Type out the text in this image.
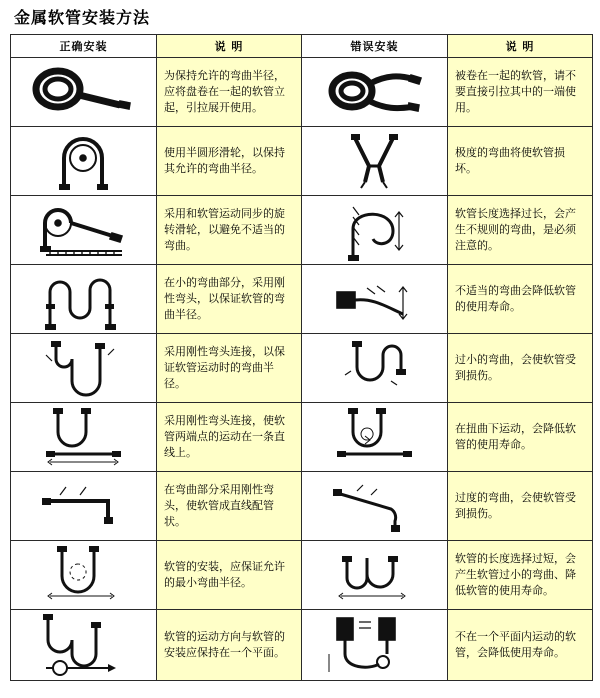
金属软管安装方法
正确安装	说 明	错误安装	说 明

为保持允许的弯曲半径，应将盘卷在一起的软管立起，引拉展开使用。		被卷在一起的软管，请不要直接引拉其中的一端使用。

使用半圆形滑轮，以保持其允许的弯曲半径。		极度的弯曲将使软管损坏。

采用和软管运动同步的旋转滑轮，以避免不适当的弯曲。		软管长度选择过长，会产生不规则的弯曲，是必须注意的。

在小的弯曲部分，采用刚性弯头，以保证软管的弯曲半径。		不适当的弯曲会降低软管的使用寿命。

采用刚性弯头连接，以保证软管运动时的弯曲半径。		过小的弯曲，会使软管受到损伤。

采用刚性弯头连接，使软管两端点的运动在一条直线上。		在扭曲下运动，会降低软管的使用寿命。

在弯曲部分采用刚性弯头，使软管成直线配管状。		过度的弯曲，会使软管受到损伤。

软管的安装，应保证允许的最小弯曲半径。		软管的长度选择过短，会产生软管过小的弯曲、降低软管的使用寿命。

软管的运动方向与软管的安装应保持在一个平面。		不在一个平面内运动的软管，会降低使用寿命。
